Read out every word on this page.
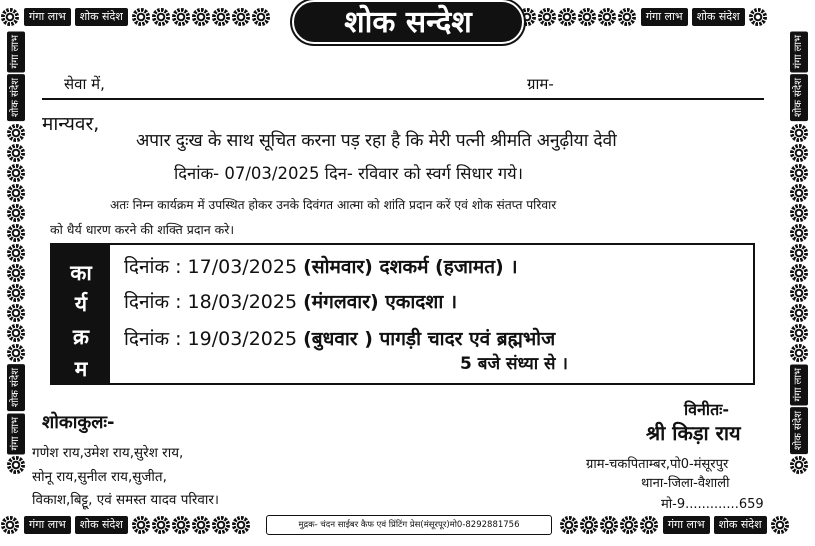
गंगा लाभ	शोक संदेश	गंगा लाभ	शोक संदेश
गंगा लाभ	शोक संदेश	गंगा लाभ	शोक संदेश
गंगा लाभ
शोक संदेश
शोक संदेश
गंगा लाभ
गंगा लाभ
शोक संदेश
गंगा लाभ
शोक संदेश
शोक सन्देश
सेवा में,	ग्राम-
मान्यवर,
अपार दुःख के साथ सूचित करना पड़ रहा है कि मेरी पत्नी श्रीमति अनुढ़ीया देवी
दिनांक- 07/03/2025 दिन- रविवार को स्वर्ग सिधार गये।
अतः निम्न कार्यक्रम में उपस्थित होकर उनके दिवंगत आत्मा को शांति प्रदान करें एवं शोक संतप्त परिवार
को धैर्य धारण करने की शक्ति प्रदान करे।
का
र्य
क्र
म
दिनांक : 17/03/2025 (सोमवार) दशकर्म (हजामत) ।
दिनांक : 18/03/2025 (मंगलवार) एकादशा ।
दिनांक : 19/03/2025 (बुधवार ) पागड़ी चादर एवं ब्रह्मभोज
5 बजे संध्या से ।
शोकाकुलः-
गणेश राय,उमेश राय,सुरेश राय,
सोनू राय,सुनील राय,सुजीत,
विकाश,बिट्टू, एवं समस्त यादव परिवार।
विनीतः-
श्री किड़ा राय
ग्राम-चकपिताम्बर,पो0-मंसूरपुर
थाना-जिला-वैशाली
मो-9.............659
मुद्रक- चंदन साईबर कैफ एवं प्रिंटिंग प्रेस(मंसूरपूर)मो0-8292881756
